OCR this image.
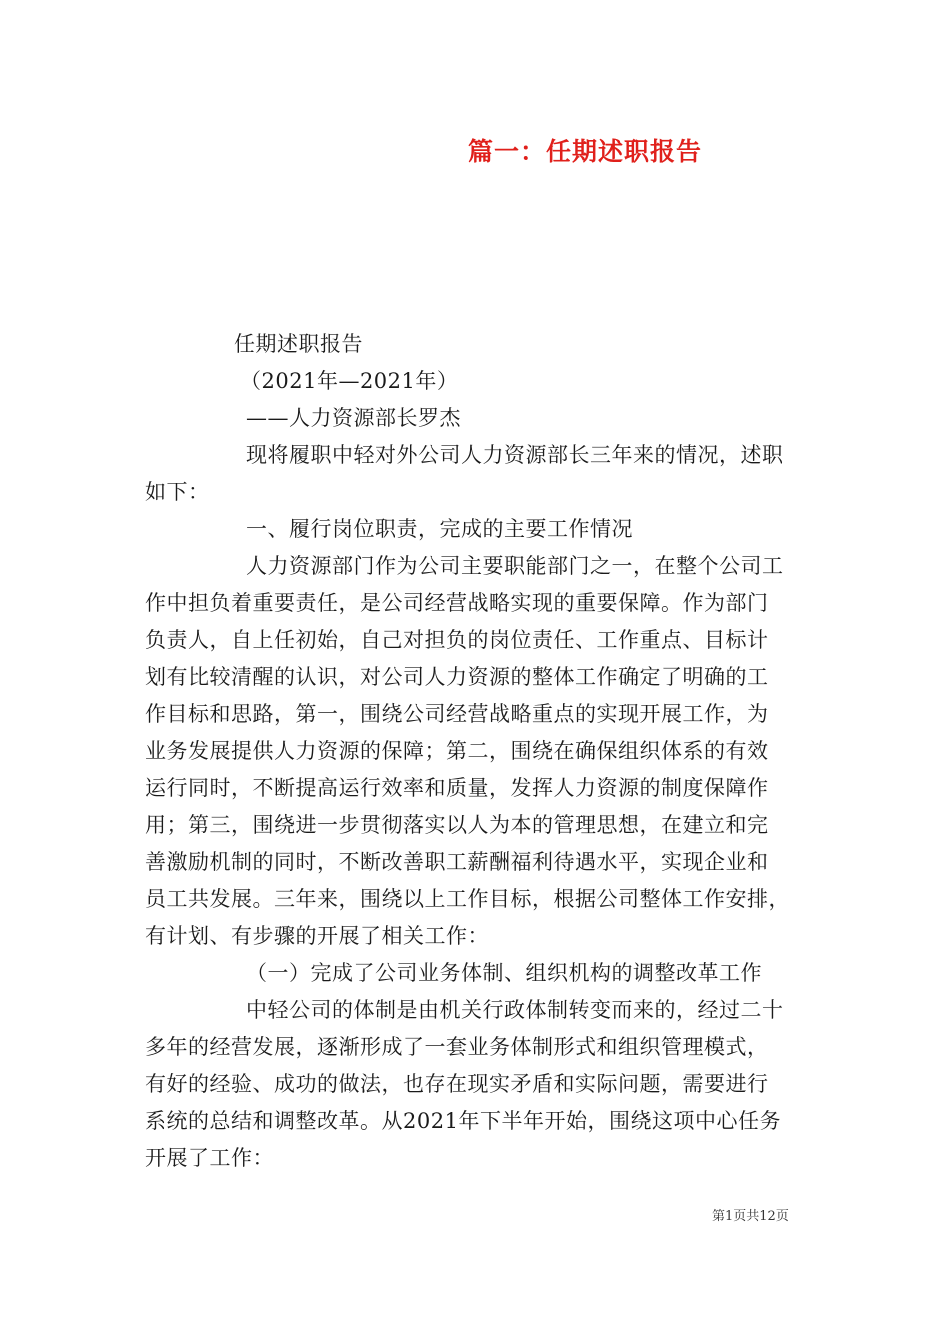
篇一：任期述职报告
任期述职报告
（2021年—2021年）
——人力资源部长罗杰
现将履职中轻对外公司人力资源部长三年来的情况，述职
如下：
一、履行岗位职责，完成的主要工作情况
人力资源部门作为公司主要职能部门之一，在整个公司工
作中担负着重要责任，是公司经营战略实现的重要保障。作为部门
负责人，自上任初始，自己对担负的岗位责任、工作重点、目标计
划有比较清醒的认识，对公司人力资源的整体工作确定了明确的工
作目标和思路，第一，围绕公司经营战略重点的实现开展工作，为
业务发展提供人力资源的保障；第二，围绕在确保组织体系的有效
运行同时，不断提高运行效率和质量，发挥人力资源的制度保障作
用；第三，围绕进一步贯彻落实以人为本的管理思想，在建立和完
善激励机制的同时，不断改善职工薪酬福利待遇水平，实现企业和
员工共发展。三年来，围绕以上工作目标，根据公司整体工作安排，
有计划、有步骤的开展了相关工作：
（一）完成了公司业务体制、组织机构的调整改革工作
中轻公司的体制是由机关行政体制转变而来的，经过二十
多年的经营发展，逐渐形成了一套业务体制形式和组织管理模式，
有好的经验、成功的做法，也存在现实矛盾和实际问题，需要进行
系统的总结和调整改革。从2021年下半年开始，围绕这项中心任务
开展了工作：
第1页共12页
